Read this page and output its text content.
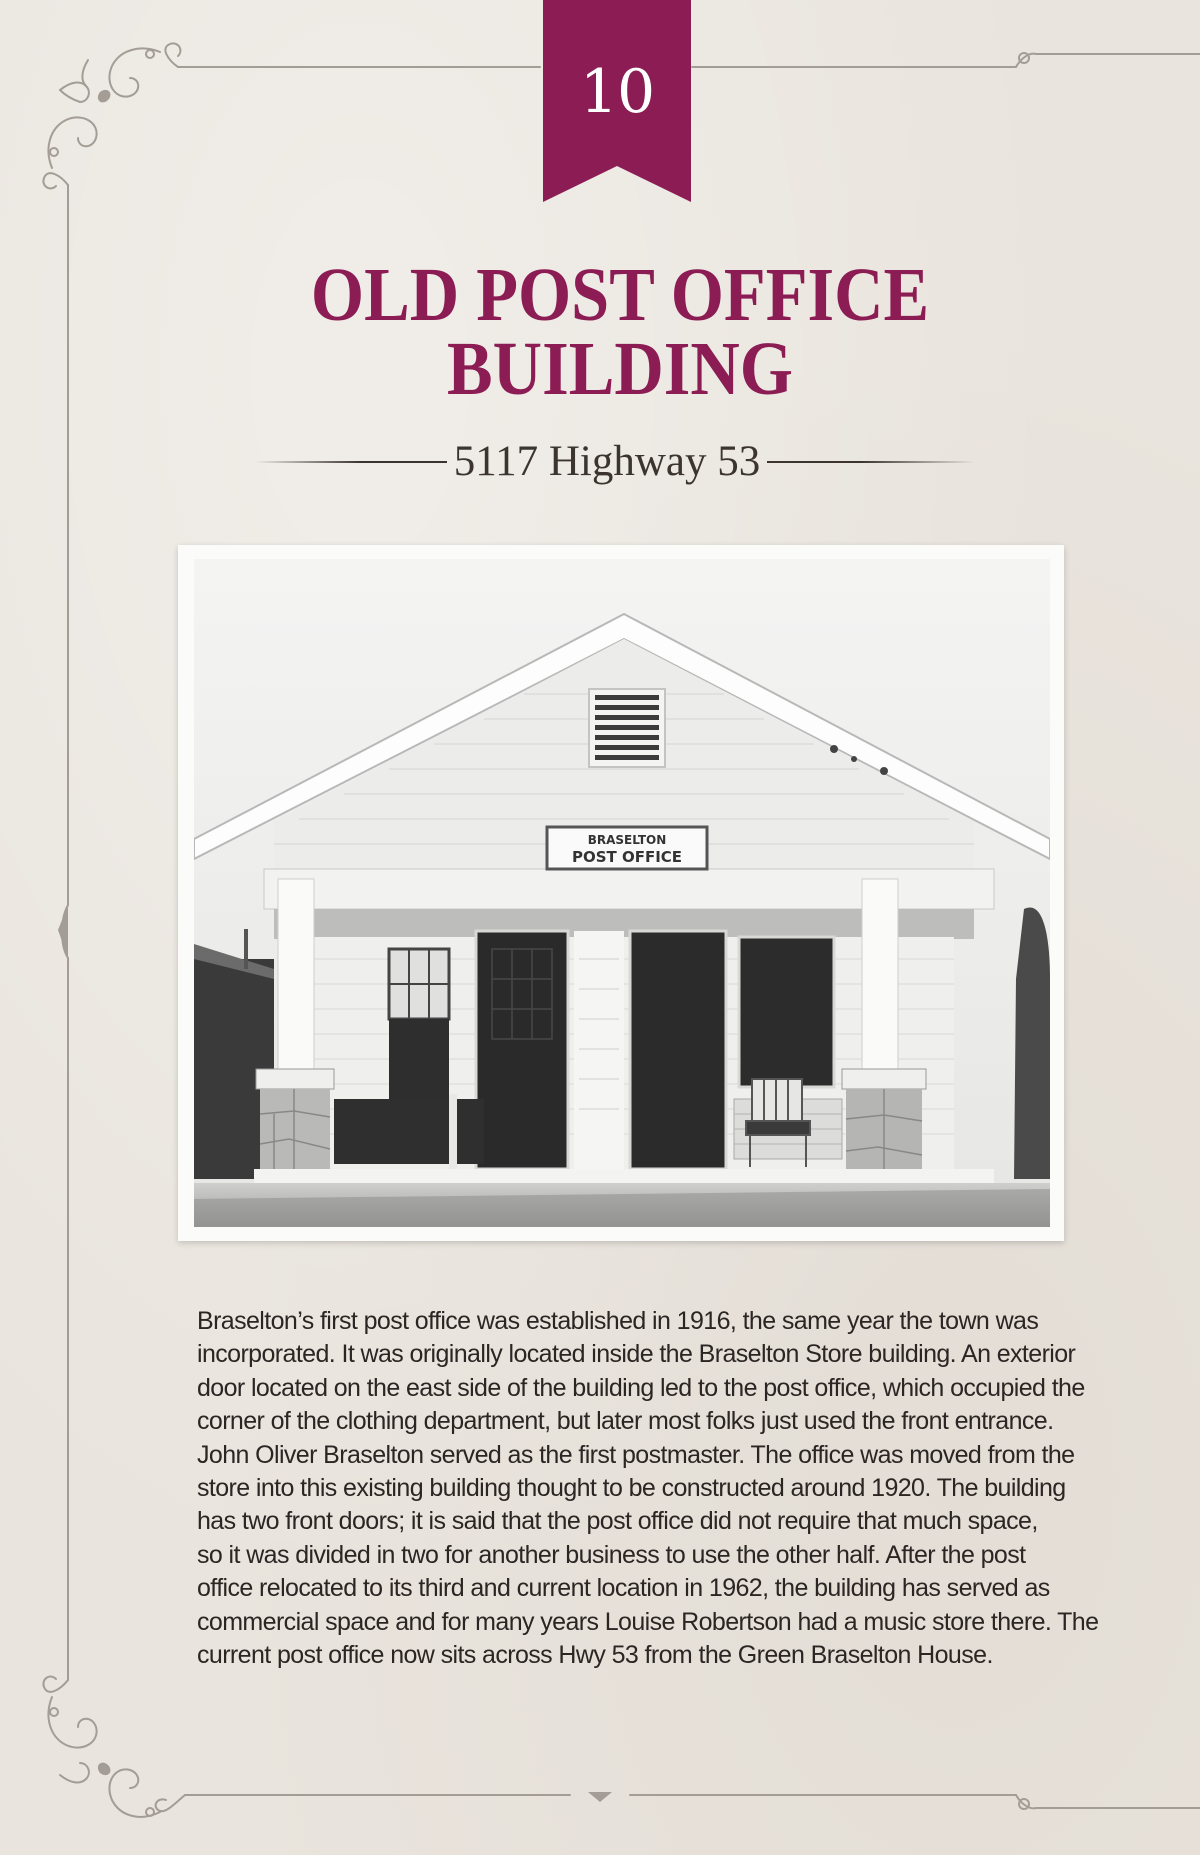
10
OLD POST OFFICE
BUILDING
5117 Highway 53
BRASELTON
POST OFFICE
Braselton’s first post office was established in 1916, the same year the town was
incorporated. It was originally located inside the Braselton Store building. An exterior
door located on the east side of the building led to the post office, which occupied the
corner of the clothing department, but later most folks just used the front entrance.
John Oliver Braselton served as the first postmaster. The office was moved from the
store into this existing building thought to be constructed around 1920. The building
has two front doors; it is said that the post office did not require that much space,
so it was divided in two for another business to use the other half. After the post
office relocated to its third and current location in 1962, the building has served as
commercial space and for many years Louise Robertson had a music store there. The
current post office now sits across Hwy 53 from the Green Braselton House.
